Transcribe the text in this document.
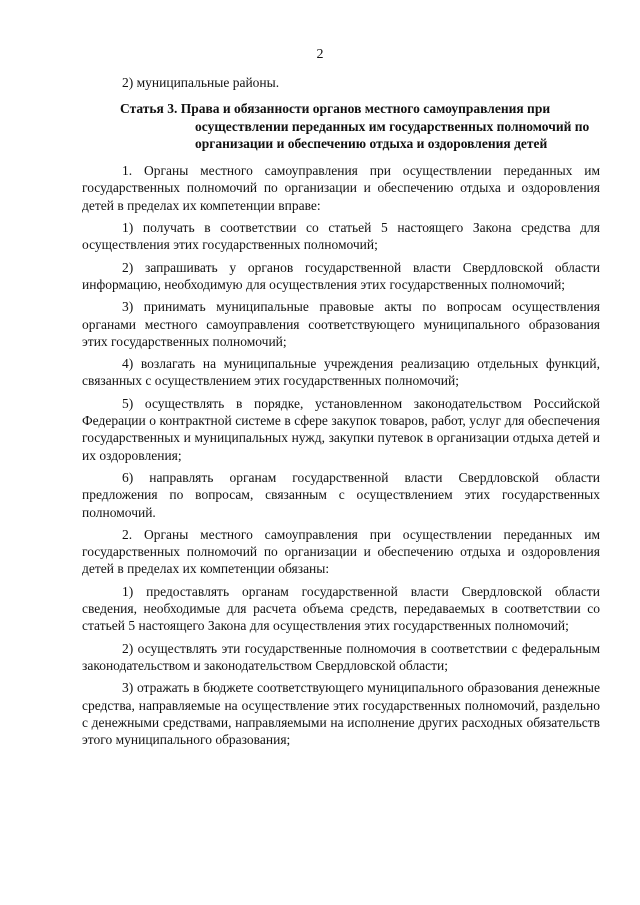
2

2) муниципальные районы.

Статья 3. Права и обязанности органов местного самоуправления при осуществлении переданных им государственных полномочий по организации и обеспечению отдыха и оздоровления детей

1. Органы местного самоуправления при осуществлении переданных им государственных полномочий по организации и обеспечению отдыха и оздоровления детей в пределах их компетенции вправе:

1) получать в соответствии со статьей 5 настоящего Закона средства для осуществления этих государственных полномочий;

2) запрашивать у органов государственной власти Свердловской области информацию, необходимую для осуществления этих государственных полномочий;

3) принимать муниципальные правовые акты по вопросам осуществления органами местного самоуправления соответствующего муниципального образования этих государственных полномочий;

4) возлагать на муниципальные учреждения реализацию отдельных функций, связанных с осуществлением этих государственных полномочий;

5) осуществлять в порядке, установленном законодательством Российской Федерации о контрактной системе в сфере закупок товаров, работ, услуг для обеспечения государственных и муниципальных нужд, закупки путевок в организации отдыха детей и их оздоровления;

6) направлять органам государственной власти Свердловской области предложения по вопросам, связанным с осуществлением этих государственных полномочий.

2. Органы местного самоуправления при осуществлении переданных им государственных полномочий по организации и обеспечению отдыха и оздоровления детей в пределах их компетенции обязаны:

1) предоставлять органам государственной власти Свердловской области сведения, необходимые для расчета объема средств, передаваемых в соответствии со статьей 5 настоящего Закона для осуществления этих государственных полномочий;

2) осуществлять эти государственные полномочия в соответствии с федеральным законодательством и законодательством Свердловской области;

3) отражать в бюджете соответствующего муниципального образования денежные средства, направляемые на осуществление этих государственных полномочий, раздельно с денежными средствами, направляемыми на исполнение других расходных обязательств этого муниципального образования;
